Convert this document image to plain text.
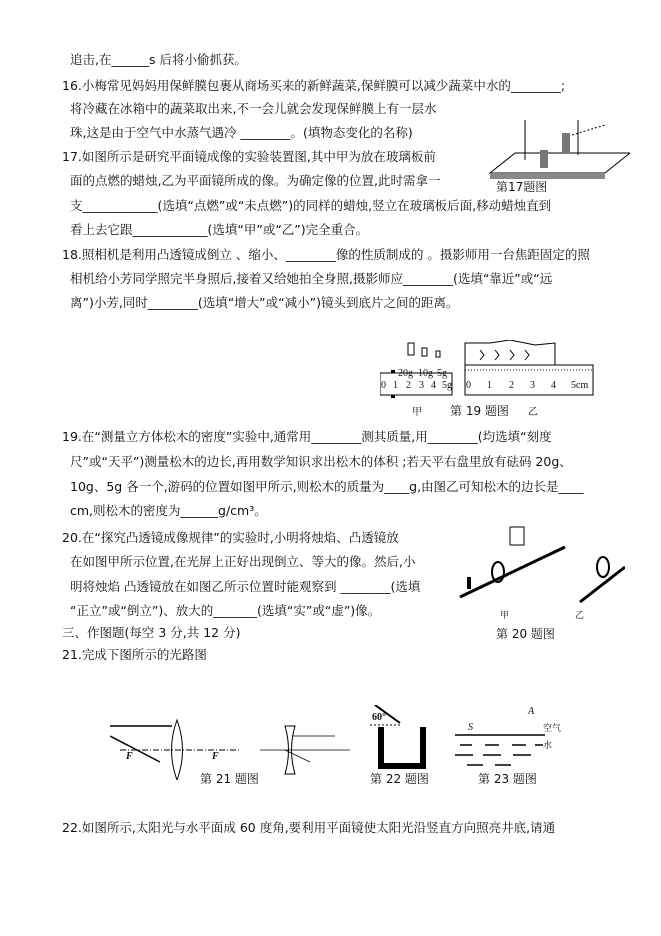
追击,在______s 后将小偷抓获。
16.小梅常见妈妈用保鲜膜包裹从商场买来的新鲜蔬菜,保鲜膜可以减少蔬菜中水的________;
将冷藏在冰箱中的蔬菜取出来,不一会儿就会发现保鲜膜上有一层水
珠,这是由于空气中水蒸气遇冷 ________。(填物态变化的名称)
17.如图所示是研究平面镜成像的实验装置图,其中甲为放在玻璃板前
面的点燃的蜡烛,乙为平面镜所成的像。为确定像的位置,此时需拿一
支____________(选填“点燃”或“未点燃”)的同样的蜡烛,竖立在玻璃板后面,移动蜡烛直到
看上去它跟____________(选填“甲”或“乙”)完全重合。
18.照相机是利用凸透镜成倒立 、缩小、________像的性质制成的 。摄影师用一台焦距固定的照
相机给小芳同学照完半身照后,接着又给她拍全身照,摄影师应________(选填“靠近”或“远
离”)小芳,同时________(选填“增大”或“减小”)镜头到底片之间的距离。
19.在“测量立方体松木的密度”实验中,通常用________测其质量,用________(均选填“刻度
尺”或“天平”)测量松木的边长,再用数学知识求出松木的体积 ;若天平右盘里放有砝码 20g、
10g、5g 各一个,游码的位置如图甲所示,则松木的质量为____g,由图乙可知松木的边长是____
cm,则松木的密度为______g/cm³。
20.在“探究凸透镜成像规律”的实验时,小明将烛焰、凸透镜放
在如图甲所示位置,在光屏上正好出现倒立、等大的像。然后,小
明将烛焰 凸透镜放在如图乙所示位置时能观察到 ________(选填
“正立”或“倒立”)、放大的_______(选填“实”或“虚”)像。
三、作图题(每空 3 分,共 12 分)
21.完成下图所示的光路图
22.如图所示,太阳光与水平面成 60 度角,要利用平面镜使太阳光沿竖直方向照亮井底,请通
第17题图
20g 10g 5g
0 1 2 3 4 5g 0 1 2 3 4 5cm
甲 第 19 题图 乙
甲	乙
第 20 题图
F	F
第 21 题图
60°
第 22 题图
S
A
空气
水
第 23 题图
